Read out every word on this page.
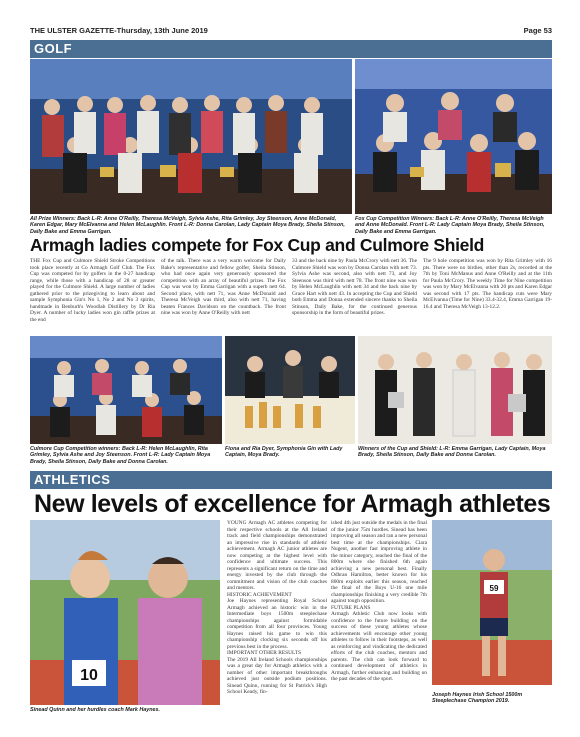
THE ULSTER GAZETTE-Thursday, 13th June 2019	Page 53
GOLF
All Prize Winners: Back L-R: Anne O'Reilly, Theresa McVeigh, Sylvia Ashe, Rita Grimley, Joy Steenson, Anne McDonald, Karen Edgar, Mary McElvanna and Helen McLaughlin. Front L-R: Donna Carolan, Lady Captain Moya Brady, Sheila Stinson, Daily Bake and Emma Garrigan.
Fox Cup Competition Winners: Back L-R: Anne O'Reilly, Theresa McVeigh and Anne McDonald. Front L-R: Lady Captain Moya Brady, Sheila Stinson, Daily Bake and Emma Garrigan.
Armagh ladies compete for Fox Cup and Culmore Shield
THE Fox Cup and Culmore Shield Stroke Competitions took place recently at Co Armagh Golf Club. The Fox Cup was competed for by golfers in the 0-27 handicap range, while those with a handicap of 28 or greater played for the Culmore Shield. A large number of ladies gathered prior to the prizegiving to learn about and sample Symphonia Gin's No 1, No 2 and No 3 spirits, handmade in Benburb's Woodlab Distillery by Dr Ria Dyer. A number of lucky ladies won gin raffle prizes at the end
of the talk. There was a very warm welcome for Daily Bake's representative and fellow golfer, Sheila Stinson, who had once again very generously sponsored the competition with an array of beautiful prizes. The Fox Cup was won by Emma Garrigan with a superb nett 64. Second place, with nett 71, was Anne McDonald and Theresa McVeigh was third, also with nett 71, having beaten Frances Davidson on the countback. The front nine was won by Anne O'Reilly with nett
33 and the back nine by Paula McCrory with nett 36. The Culmore Shield was won by Donna Carolan with nett 73. Sylvia Ashe was second, also with nett 73, and Joy Steenson was third with nett 78. The front nine was won by Helen McLaughlin with nett 34 and the back nine by Grace Hart with nett 43. In accepting the Cup and Shield both Emma and Donna extended sincere thanks to Sheila Stinson, Daily Bake, for the continued generous sponsorship in the form of beautiful prizes.
The 9 hole competition was won by Rita Grimley with 16 pts. There were no birdies, other than 2s, recorded at the 7th by Toni McManus and Anne O'Reilly and at the 11th for Paula McCrory. The weekly Time for Nine competition was won by Mary McElvanna with 20 pts and Karen Edgar was second with 17 pts. The handicap cuts were Mary McElvanna (Time for Nine) 33.4-32.4, Emma Garrigan 19-16.4 and Theresa McVeigh 13-12.2.
Culmore Cup Competition winners: Back L-R: Helen McLaughlin, Rita Grimley, Sylvia Ashe and Joy Steenson. Front L-R: Lady Captain Moya Brady, Sheila Stinson, Daily Bake and Donna Carolan.
Fiona and Ria Dyer, Symphonia Gin with Lady Captain, Moya Brady.
Winners of the Cup and Shield: L-R: Emma Garrigan, Lady Captain, Moya Brady, Sheila Stinson, Daily Bake and Donna Carolan.
ATHLETICS
New levels of excellence for Armagh athletes
10
Sinead Quinn and her hurdles coach Mark Haynes.

YOUNG Armagh AC athletes competing for their respective schools at the All Ireland track and field championships demonstrated an impressive rise in standards of athletic achievement. Armagh AC junior athletes are now competing at the highest level with confidence and ultimate success. This represents a significant return on the time and energy invested by the club through the commitment and vision of the club coaches and mentors.

HISTORIC ACHIEVEMENT

Joe Haynes representing Royal School Armagh achieved an historic win in the Intermediate boys 1500m steeplechase championships against formidable competition from all four provinces. Young Haynes raised his game to win this championship clocking six seconds off his previous best in the process.

IMPORTANT OTHER RESULTS

The 2019 All Ireland Schools championships was a great day for Armagh athletics with a number of other important breakthroughs achieved just outside podium positions. Sinead Quinn, running for St Patrick's High School Keady, fin-

ished 4th just outside the medals in the final of the junior 75m hurdles. Sinead has been improving all season and ran a new personal best time at the championships. Ciara Nugent, another fast improving athlete in the minor category, reached the final of the 800m where she finished 6th again achieving a new personal best. Finally Odhran Hamilton, better known for his 800m exploits earlier this season, reached the final of the Boys U-16 one mile championships finishing a very credible 7th against tough opposition.

FUTURE PLANS

Armagh Athletic Club now looks with confidence to the future building on the success of these young athletes whose achievements will encourage other young athletes to follow in their footsteps, as well as reinforcing and vindicating the dedicated efforts of the club coaches, mentors and parents. The club can look forward to continued development of athletics in Armagh, further enhancing and building on the past decades of the sport.

59
Joseph Haynes Irish School 1500m Steeplechase Champion 2019.
